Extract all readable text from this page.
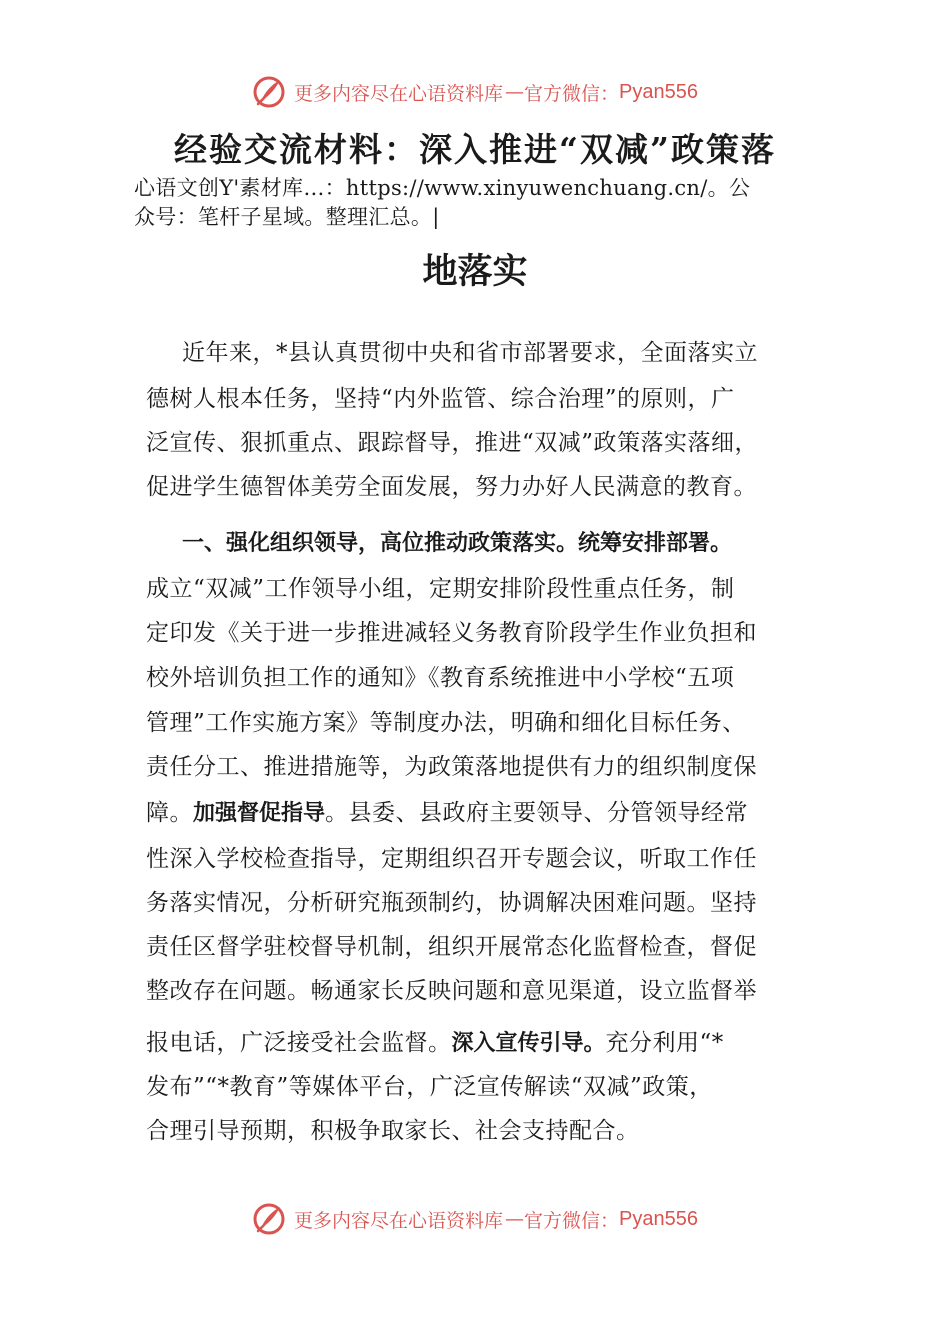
更多内容尽在心语资料库 — 官方微信： Pyan556
经验交流材料：深入推进“双减”政策落
心语文创Y'素材库…：https://www.xinyuwenchuang.cn/。公
众号：笔杆子星域。整理汇总。|
地落实

近年来，*县认真贯彻中央和省市部署要求，全面落实立

德树人根本任务，坚持“内外监管、综合治理”的原则，广

泛宣传、狠抓重点、跟踪督导，推进“双减”政策落实落细，

促进学生德智体美劳全面发展，努力办好人民满意的教育。

一、强化组织领导，高位推动政策落实。统筹安排部署。

成立“双减”工作领导小组，定期安排阶段性重点任务，制

定印发《关于进一步推进减轻义务教育阶段学生作业负担和

校外培训负担工作的通知》《教育系统推进中小学校“五项

管理”工作实施方案》等制度办法，明确和细化目标任务、

责任分工、推进措施等，为政策落地提供有力的组织制度保

障。加强督促指导。县委、县政府主要领导、分管领导经常

性深入学校检查指导，定期组织召开专题会议，听取工作任

务落实情况，分析研究瓶颈制约，协调解决困难问题。坚持

责任区督学驻校督导机制，组织开展常态化监督检查，督促

整改存在问题。畅通家长反映问题和意见渠道，设立监督举

报电话，广泛接受社会监督。深入宣传引导。充分利用“*

发布”“*教育”等媒体平台，广泛宣传解读“双减”政策，

合理引导预期，积极争取家长、社会支持配合。

更多内容尽在心语资料库 — 官方微信： Pyan556
